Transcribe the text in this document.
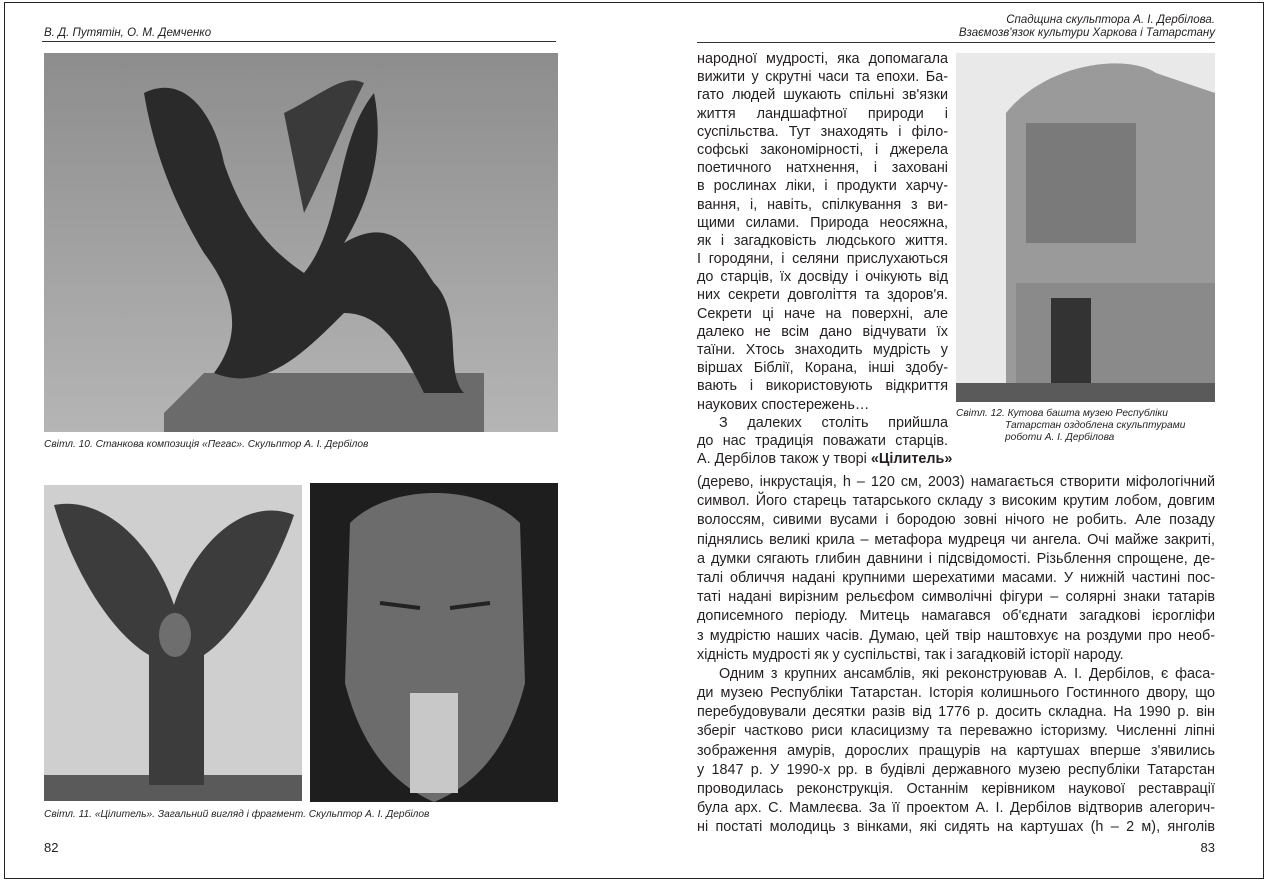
В. Д. Путятін, О. М. Демченко
Світл. 10. Станкова композиція «Пегас». Скульптор А. І. Дербілов
Світл. 11. «Цілитель». Загальний вигляд і фрагмент. Скульптор А. І. Дербілов
82
Спадщина скульптора А. І. Дербілова.
Взаємозв'язок культури Харкова і Татарстану
Світл. 12. Кутова башта музею Республіки
Татарстан оздоблена скульптурами
роботи А. І. Дербілова
народної мудрості, яка допомагала
вижити у скрутні часи та епохи. Ба-
гато людей шукають спільні зв'язки
життя ландшафтної природи і
суспільства. Тут знаходять і філо-
софські закономірності, і джерела
поетичного натхнення, і заховані
в рослинах ліки, і продукти харчу-
вання, і, навіть, спілкування з ви-
щими силами. Природа неосяжна,
як і загадковість людського життя.
І городяни, і селяни прислухаються
до старців, їх досвіду і очікують від
них секрети довголіття та здоров'я.
Секрети ці наче на поверхні, але
далеко не всім дано відчувати їх
таїни. Хтось знаходить мудрість у
віршах Біблії, Корана, інші здобу-
вають і використовують відкриття
наукових спостережень…
З далеких століть прийшла
до нас традиція поважати старців.
А. Дербілов також у творі «Цілитель»
(дерево, інкрустація, h – 120 см, 2003) намагається створити міфологічний
символ. Його старець татарського складу з високим крутим лобом, довгим
волоссям, сивими вусами і бородою зовні нічого не робить. Але позаду
піднялись великі крила – метафора мудреця чи ангела. Очі майже закриті,
а думки сягають глибин давнини і підсвідомості. Різьблення спрощене, де-
талі обличчя надані крупними шерехатими масами. У нижній частині пос-
таті надані вирізним рельєфом символічні фігури – солярні знаки татарів
дописемного періоду. Митець намагався об'єднати загадкові ієрогліфи
з мудрістю наших часів. Думаю, цей твір наштовхує на роздуми про необ-
хідність мудрості як у суспільстві, так і загадковій історії народу.
Одним з крупних ансамблів, які реконструював А. І. Дербілов, є фаса-
ди музею Республіки Татарстан. Історія колишнього Гостинного двору, що
перебудовували десятки разів від 1776 р. досить складна. На 1990 р. він
зберіг частково риси класицизму та переважно історизму. Численні ліпні
зображення амурів, дорослих пращурів на картушах вперше з'явились
у 1847 р. У 1990-х рр. в будівлі державного музею республіки Татарстан
проводилась реконструкція. Останнім керівником наукової реставрації
була арх. С. Мамлеєва. За її проектом А. І. Дербілов відтворив алегорич-
ні постаті молодиць з вінками, які сидять на картушах (h – 2 м), янголів
83
